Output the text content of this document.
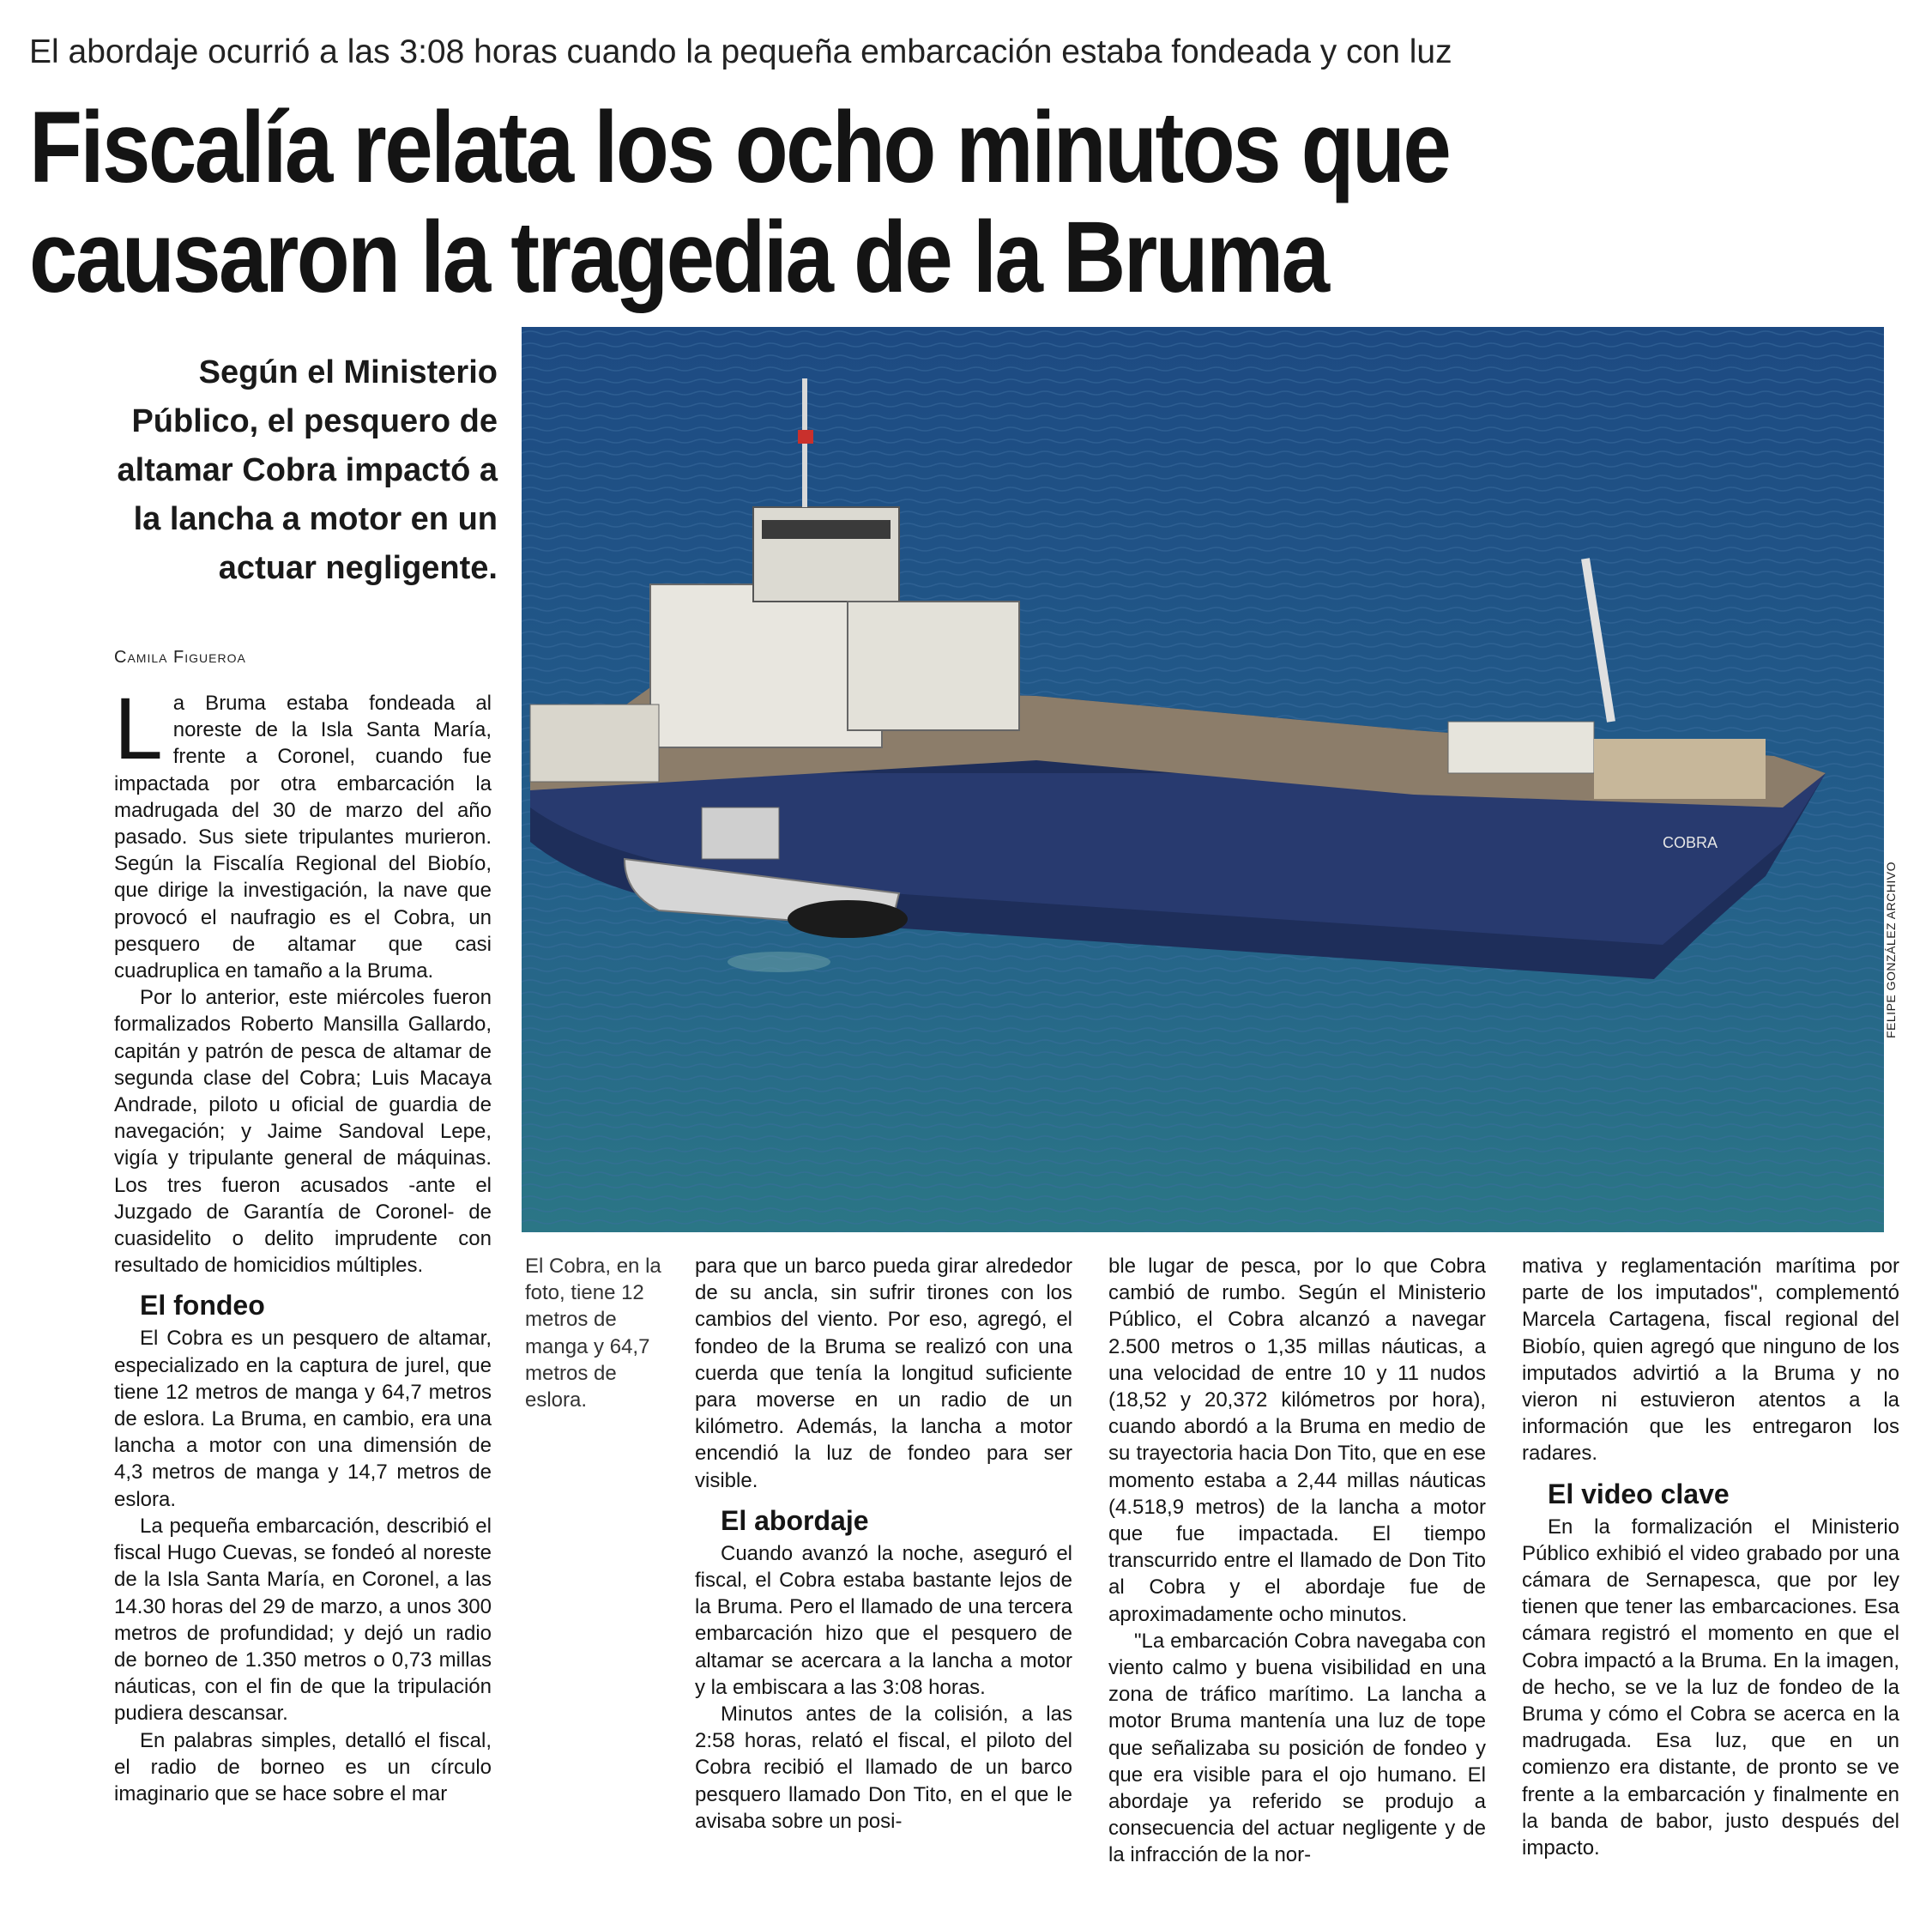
El abordaje ocurrió a las 3:08 horas cuando la pequeña embarcación estaba fondeada y con luz
Fiscalía relata los ocho minutos que
causaron la tragedia de la Bruma
Según el Ministerio
Público, el pesquero de
altamar Cobra impactó a
la lancha a motor en un
actuar negligente.
Camila Figueroa
COBRA
FELIPE GONZÁLEZ ARCHIVO
El Cobra, en la foto, tiene 12 metros de manga y 64,7 metros de eslora.

La Bruma estaba fondeada al noreste de la Isla Santa María, frente a Coronel, cuando fue impactada por otra embarcación la madrugada del 30 de marzo del año pasado. Sus siete tripulantes murieron. Según la Fiscalía Regional del Biobío, que dirige la investigación, la nave que provocó el naufragio es el Cobra, un pesquero de altamar que casi cuadruplica en tamaño a la Bruma.

Por lo anterior, este miércoles fueron formalizados Roberto Mansilla Gallardo, capitán y patrón de pesca de altamar de segunda clase del Cobra; Luis Macaya Andrade, piloto u oficial de guardia de navegación; y Jaime Sandoval Lepe, vigía y tripulante general de máquinas. Los tres fueron acusados -ante el Juzgado de Garantía de Coronel- de cuasidelito o delito imprudente con resultado de homicidios múltiples.

El fondeo

El Cobra es un pesquero de altamar, especializado en la captura de jurel, que tiene 12 metros de manga y 64,7 metros de eslora. La Bruma, en cambio, era una lancha a motor con una dimensión de 4,3 metros de manga y 14,7 metros de eslora.

La pequeña embarcación, describió el fiscal Hugo Cuevas, se fondeó al noreste de la Isla Santa María, en Coronel, a las 14.30 horas del 29 de marzo, a unos 300 metros de profundidad; y dejó un radio de borneo de 1.350 metros o 0,73 millas náuticas, con el fin de que la tripulación pudiera descansar.

En palabras simples, detalló el fiscal, el radio de borneo es un círculo imaginario que se hace sobre el mar

para que un barco pueda girar alrededor de su ancla, sin sufrir tirones con los cambios del viento. Por eso, agregó, el fondeo de la Bruma se realizó con una cuerda que tenía la longitud suficiente para moverse en un radio de un kilómetro. Además, la lancha a motor encendió la luz de fondeo para ser visible.

El abordaje

Cuando avanzó la noche, aseguró el fiscal, el Cobra estaba bastante lejos de la Bruma. Pero el llamado de una tercera embarcación hizo que el pesquero de altamar se acercara a la lancha a motor y la embiscara a las 3:08 horas.

Minutos antes de la colisión, a las 2:58 horas, relató el fiscal, el piloto del Cobra recibió el llamado de un barco pesquero llamado Don Tito, en el que le avisaba sobre un posi-

ble lugar de pesca, por lo que Cobra cambió de rumbo. Según el Ministerio Público, el Cobra alcanzó a navegar 2.500 metros o 1,35 millas náuticas, a una velocidad de entre 10 y 11 nudos (18,52 y 20,372 kilómetros por hora), cuando abordó a la Bruma en medio de su trayectoria hacia Don Tito, que en ese momento estaba a 2,44 millas náuticas (4.518,9 metros) de la lancha a motor que fue impactada. El tiempo transcurrido entre el llamado de Don Tito al Cobra y el abordaje fue de aproximadamente ocho minutos.

"La embarcación Cobra navegaba con viento calmo y buena visibilidad en una zona de tráfico marítimo. La lancha a motor Bruma mantenía una luz de tope que señalizaba su posición de fondeo y que era visible para el ojo humano. El abordaje ya referido se produjo a consecuencia del actuar negligente y de la infracción de la nor-

mativa y reglamentación marítima por parte de los imputados", complementó Marcela Cartagena, fiscal regional del Biobío, quien agregó que ninguno de los imputados advirtió a la Bruma y no vieron ni estuvieron atentos a la información que les entregaron los radares.

El video clave

En la formalización el Ministerio Público exhibió el video grabado por una cámara de Sernapesca, que por ley tienen que tener las embarcaciones. Esa cámara registró el momento en que el Cobra impactó a la Bruma. En la imagen, de hecho, se ve la luz de fondeo de la Bruma y cómo el Cobra se acerca en la madrugada. Esa luz, que en un comienzo era distante, de pronto se ve frente a la embarcación y finalmente en la banda de babor, justo después del impacto.
